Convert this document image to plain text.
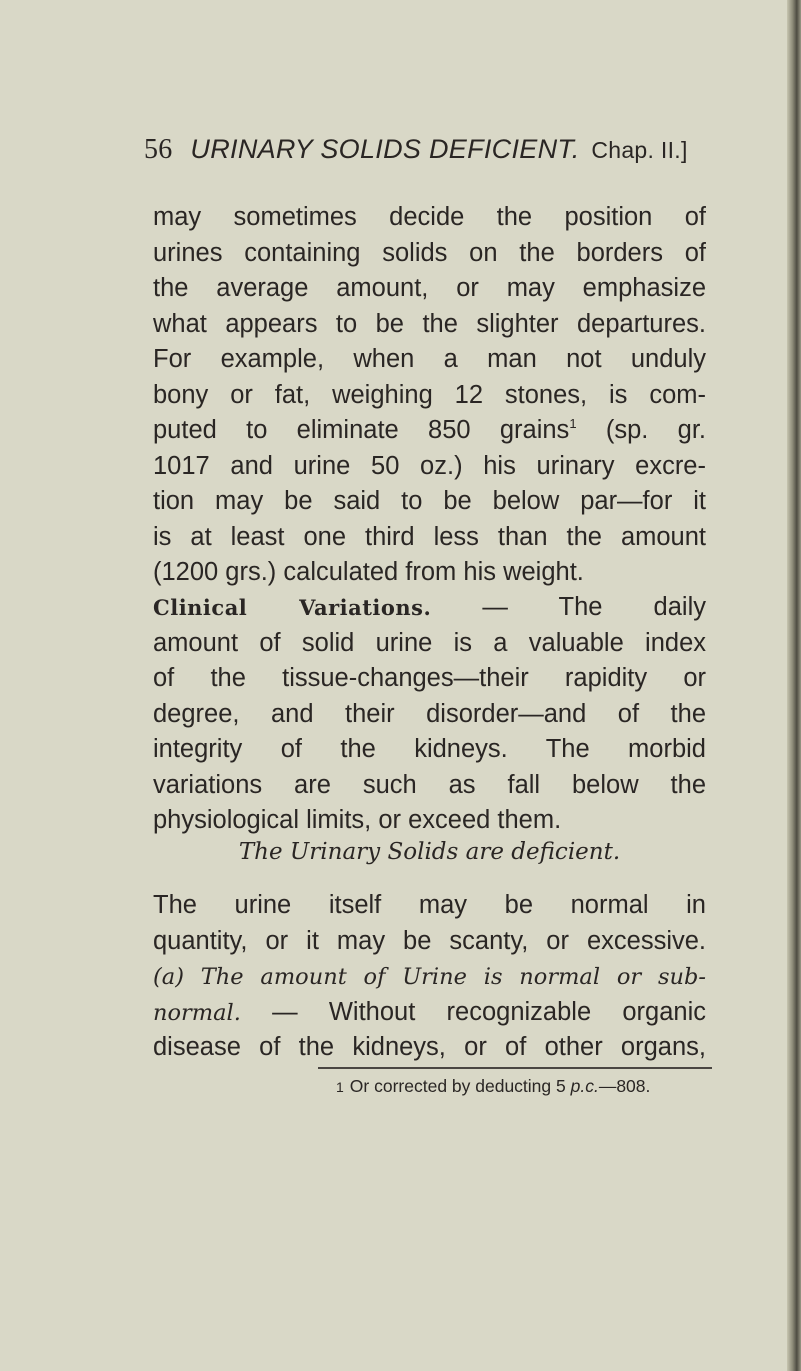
56 URINARY SOLIDS DEFICIENT. Chap. II.]
may sometimes decide the position of
urines containing solids on the borders of
the average amount, or may emphasize
what appears to be the slighter departures.
For example, when a man not unduly
bony or fat, weighing 12 stones, is com-
puted to eliminate 850 grains$^1$ (sp. gr.
1017 and urine 50 oz.) his urinary excre-
tion may be said to be below par—for it
is at least one third less than the amount
(1200 grs.) calculated from his weight.
Clinical Variations. — The daily
amount of solid urine is a valuable index
of the tissue-changes—their rapidity or
degree, and their disorder—and of the
integrity of the kidneys. The morbid
variations are such as fall below the
physiological limits, or exceed them.
The Urinary Solids are deficient.
The urine itself may be normal in
quantity, or it may be scanty, or excessive.
(a) The amount of Urine is normal or sub-
normal. — Without recognizable organic
disease of the kidneys, or of other organs,
1 Or corrected by deducting 5 p.c.—808.
